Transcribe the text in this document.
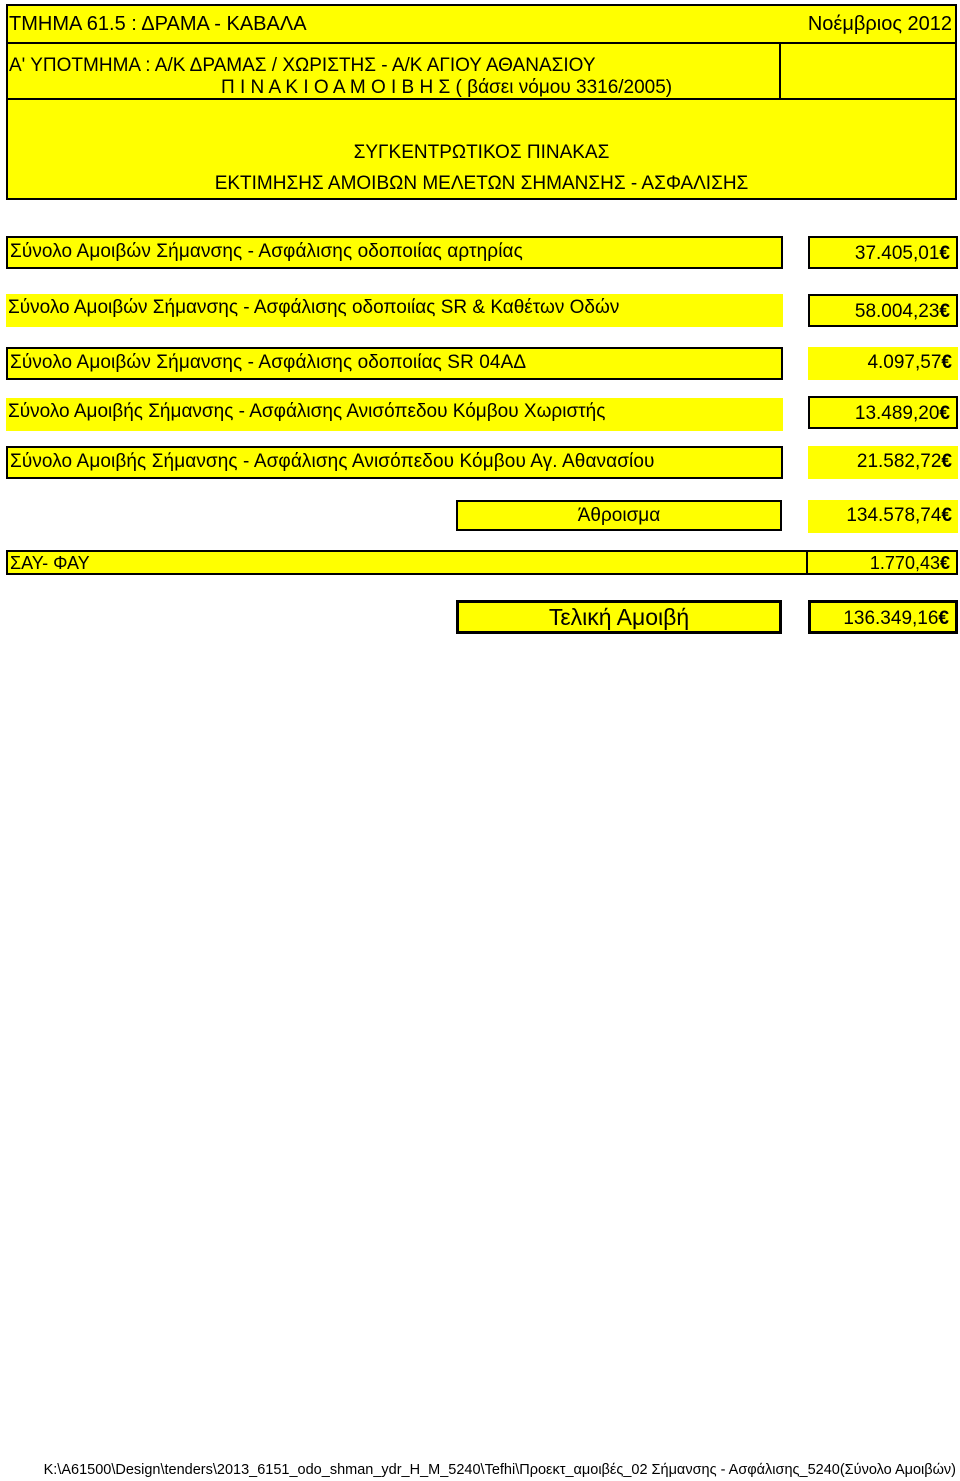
ΤΜΗΜΑ 61.5 : ΔΡΑΜΑ - ΚΑΒΑΛΑ	Νοέμβριος 2012
Α' ΥΠΟΤΜΗΜΑ : Α/Κ ΔΡΑΜΑΣ / ΧΩΡΙΣΤΗΣ - Α/Κ ΑΓΙΟΥ ΑΘΑΝΑΣΙΟΥ
Π Ι Ν Α Κ Ι Ο Α Μ Ο Ι Β Η Σ ( βάσει νόμου 3316/2005)
ΣΥΓΚΕΝΤΡΩΤΙΚΟΣ ΠΙΝΑΚΑΣ
ΕΚΤΙΜΗΣΗΣ ΑΜΟΙΒΩΝ ΜΕΛΕΤΩΝ ΣΗΜΑΝΣΗΣ - ΑΣΦΑΛΙΣΗΣ
Σύνολο Αμοιβών Σήμανσης - Ασφάλισης οδοποιίας αρτηρίας	37.405,01€
Σύνολο Αμοιβών Σήμανσης - Ασφάλισης οδοποιίας SR & Καθέτων Οδών	58.004,23€
Σύνολο Αμοιβών Σήμανσης - Ασφάλισης οδοποιίας SR 04ΑΔ	4.097,57€
Σύνολο Αμοιβής Σήμανσης - Ασφάλισης Ανισόπεδου Κόμβου Χωριστής	13.489,20€
Σύνολο Αμοιβής Σήμανσης - Ασφάλισης Ανισόπεδου Κόμβου Αγ. Αθανασίου	21.582,72€
Άθροισμα	134.578,74€
ΣΑΥ- ΦΑΥ	1.770,43€
Τελική Αμοιβή	136.349,16€
K:\A61500\Design\tenders\2013_6151_odo_shman_ydr_H_M_5240\Tefhi\Προεκτ_αμοιβές_02 Σήμανσης - Ασφάλισης_5240(Σύνολο Αμοιβών)
